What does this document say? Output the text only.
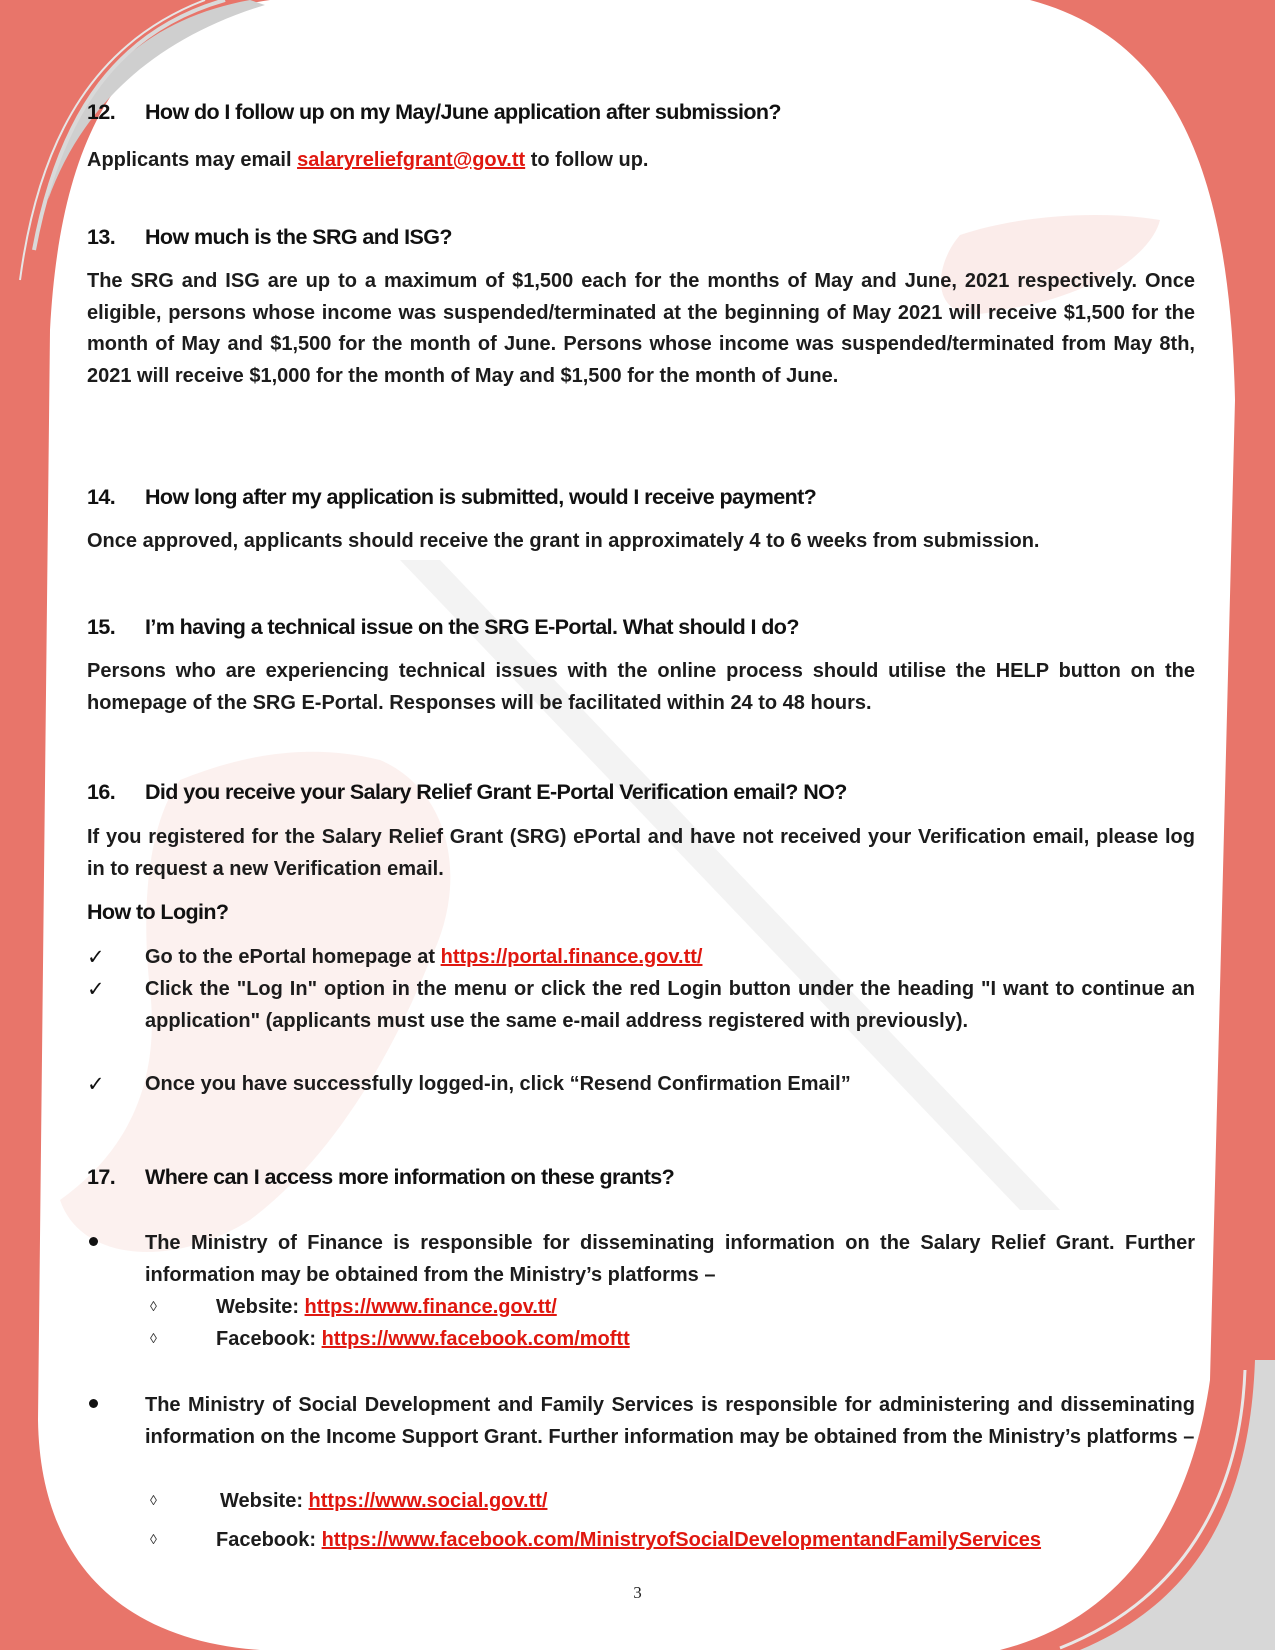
12. How do I follow up on my May/June application after submission?
Applicants may email salaryreliefgrant@gov.tt to follow up.
13. How much is the SRG and ISG?
The SRG and ISG are up to a maximum of $1,500 each for the months of May and June, 2021 respectively. Once eligible, persons whose income was suspended/terminated at the beginning of May 2021 will receive $1,500 for the month of May and $1,500 for the month of June. Persons whose income was suspended/terminated from May 8th, 2021 will receive $1,000 for the month of May and $1,500 for the month of June.
14. How long after my application is submitted, would I receive payment?
Once approved, applicants should receive the grant in approximately 4 to 6 weeks from submission.
15. I’m having a technical issue on the SRG E-Portal. What should I do?
Persons who are experiencing technical issues with the online process should utilise the HELP button on the homepage of the SRG E-Portal. Responses will be facilitated within 24 to 48 hours.
16. Did you receive your Salary Relief Grant E-Portal Verification email? NO?
If you registered for the Salary Relief Grant (SRG) ePortal and have not received your Verification email, please log in to request a new Verification email.
How to Login?
✓ Go to the ePortal homepage at https://portal.finance.gov.tt/
✓ Click the "Log In" option in the menu or click the red Login button under the heading "I want to continue an application" (applicants must use the same e-mail address registered with previously).
✓ Once you have successfully logged-in, click “Resend Confirmation Email”
17. Where can I access more information on these grants?
The Ministry of Finance is responsible for disseminating information on the Salary Relief Grant. Further information may be obtained from the Ministry’s platforms –
◊	Website: https://www.finance.gov.tt/
◊	Facebook: https://www.facebook.com/moftt
The Ministry of Social Development and Family Services is responsible for administering and disseminating information on the Income Support Grant. Further information may be obtained from the Ministry’s platforms –
◊	Website: https://www.social.gov.tt/
◊	Facebook: https://www.facebook.com/MinistryofSocialDevelopmentandFamilyServices
3
